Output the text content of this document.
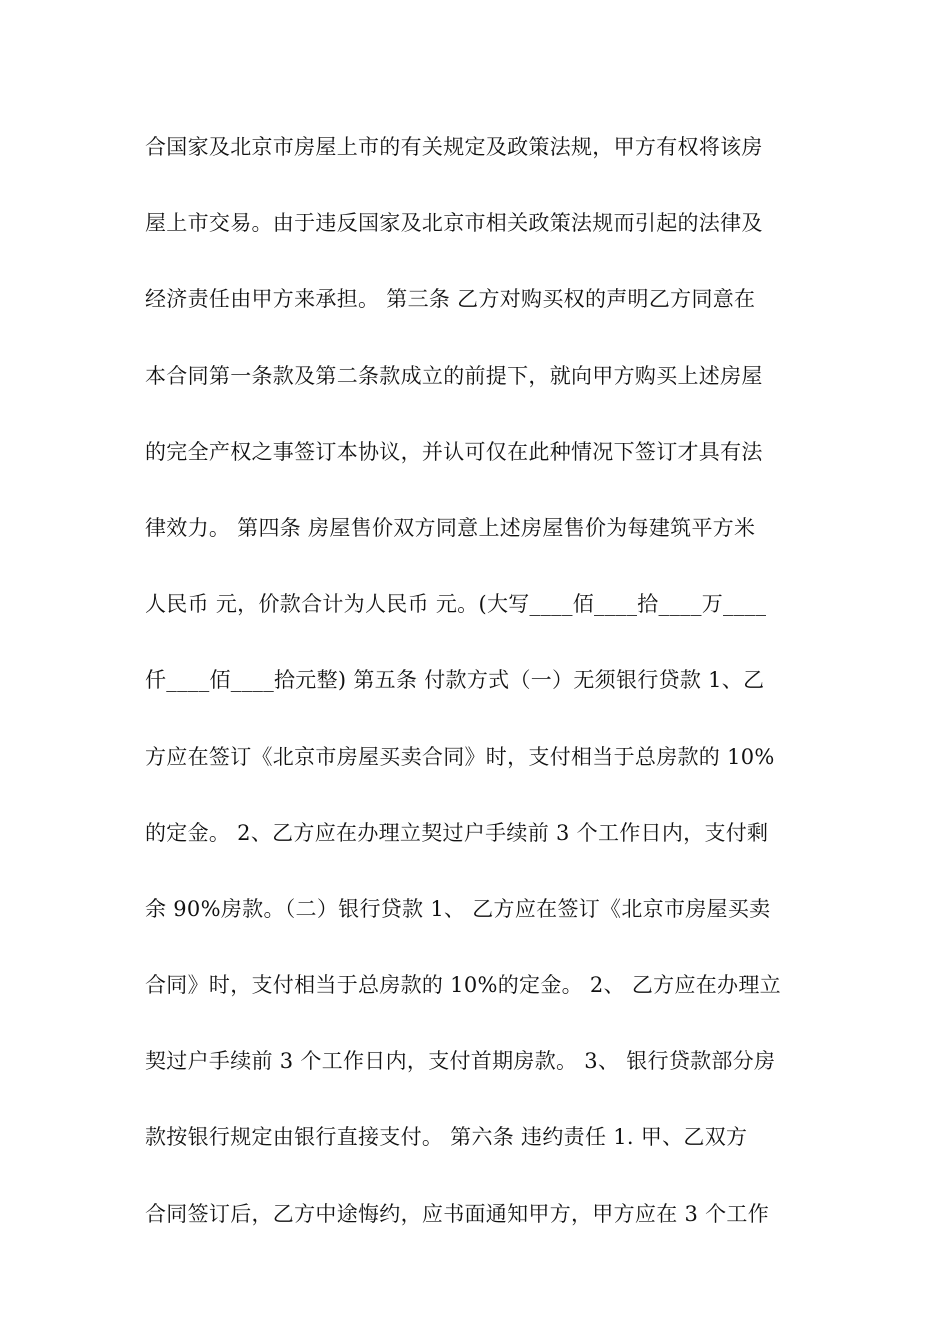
合国家及北京市房屋上市的有关规定及政策法规，甲方有权将该房
屋上市交易。由于违反国家及北京市相关政策法规而引起的法律及
经济责任由甲方来承担。 第三条 乙方对购买权的声明乙方同意在
本合同第一条款及第二条款成立的前提下，就向甲方购买上述房屋
的完全产权之事签订本协议，并认可仅在此种情况下签订才具有法
律效力。 第四条 房屋售价双方同意上述房屋售价为每建筑平方米
人民币 元，价款合计为人民币 元。(大写____佰____拾____万____
仟____佰____拾元整) 第五条 付款方式（一）无须银行贷款 1、乙
方应在签订《北京市房屋买卖合同》时，支付相当于总房款的 10%
的定金。 2、乙方应在办理立契过户手续前 3 个工作日内，支付剩
余 90%房款。（二）银行贷款 1、 乙方应在签订《北京市房屋买卖
合同》时，支付相当于总房款的 10%的定金。 2、 乙方应在办理立
契过户手续前 3 个工作日内，支付首期房款。 3、 银行贷款部分房
款按银行规定由银行直接支付。 第六条 违约责任 1. 甲、乙双方
合同签订后，乙方中途悔约，应书面通知甲方，甲方应在 3 个工作
